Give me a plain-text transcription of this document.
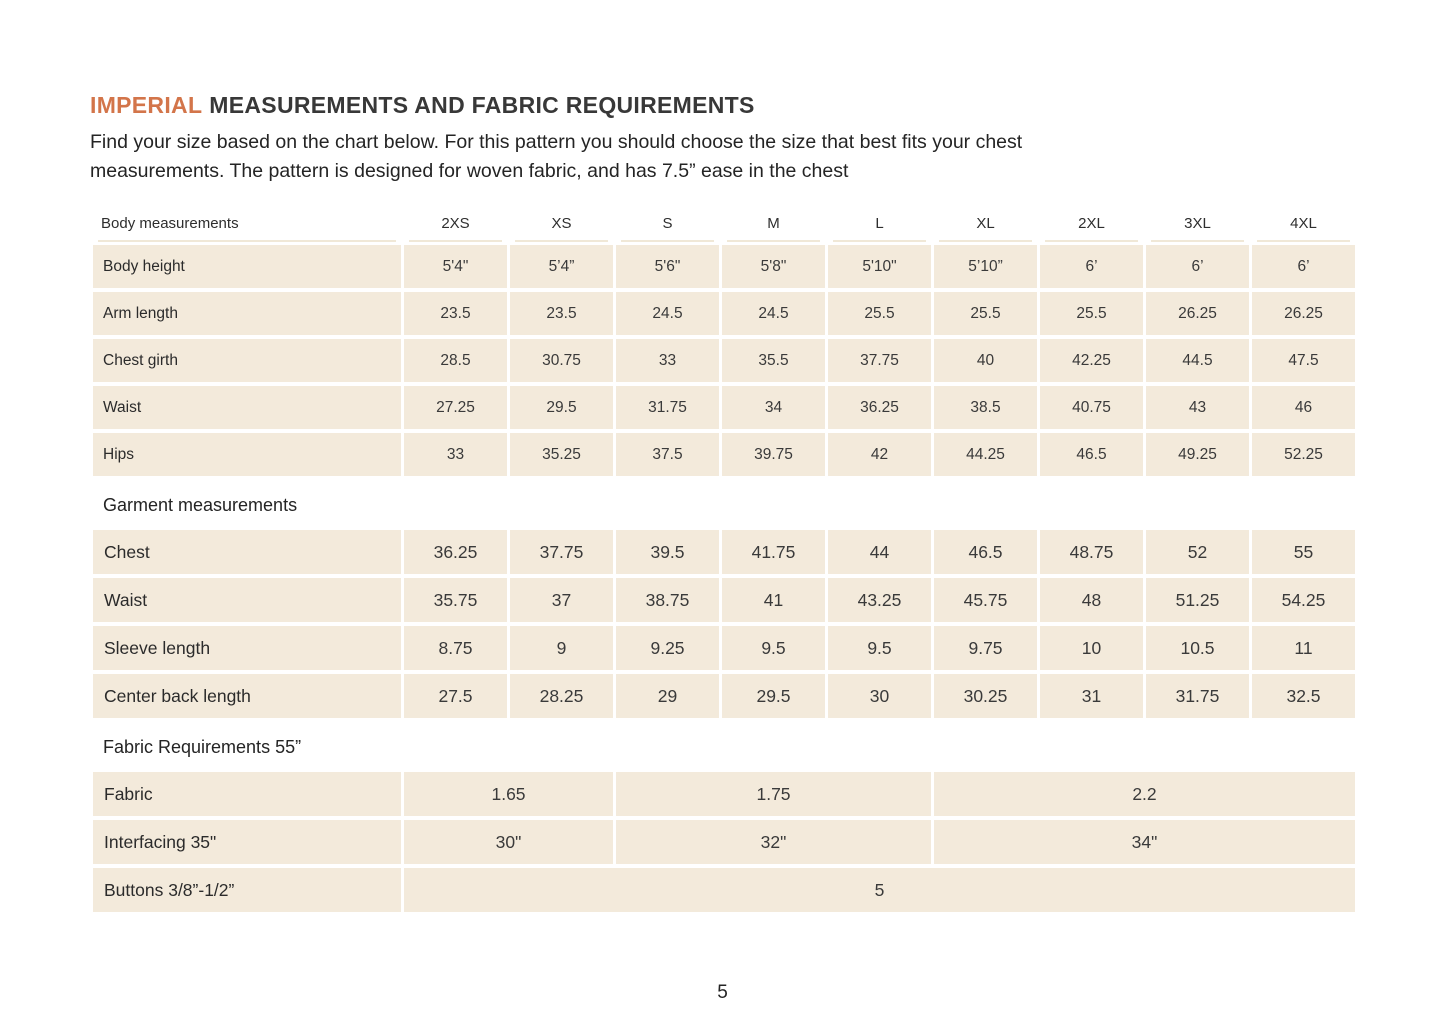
IMPERIAL MEASUREMENTS AND FABRIC REQUIREMENTS

Find your size based on the chart below. For this pattern you should choose the size that best fits your chest
measurements. The pattern is designed for woven fabric, and has 7.5” ease in the chest

Body measurements	2XS	XS	S	M	L	XL	2XL	3XL	4XL
Body height	5'4"	5’4”	5'6"	5'8"	5'10"	5’10”	6’	6’	6’
Arm length	23.5	23.5	24.5	24.5	25.5	25.5	25.5	26.25	26.25
Chest girth	28.5	30.75	33	35.5	37.75	40	42.25	44.5	47.5
Waist	27.25	29.5	31.75	34	36.25	38.5	40.75	43	46
Hips	33	35.25	37.5	39.75	42	44.25	46.5	49.25	52.25
Garment measurements
Chest	36.25	37.75	39.5	41.75	44	46.5	48.75	52	55
Waist	35.75	37	38.75	41	43.25	45.75	48	51.25	54.25
Sleeve length	8.75	9	9.25	9.5	9.5	9.75	10	10.5	11
Center back length	27.5	28.25	29	29.5	30	30.25	31	31.75	32.5
Fabric Requirements 55”
Fabric	1.65	1.75	2.2
Interfacing 35"	30"	32"	34"
Buttons 3/8”-1/2”	5
5
